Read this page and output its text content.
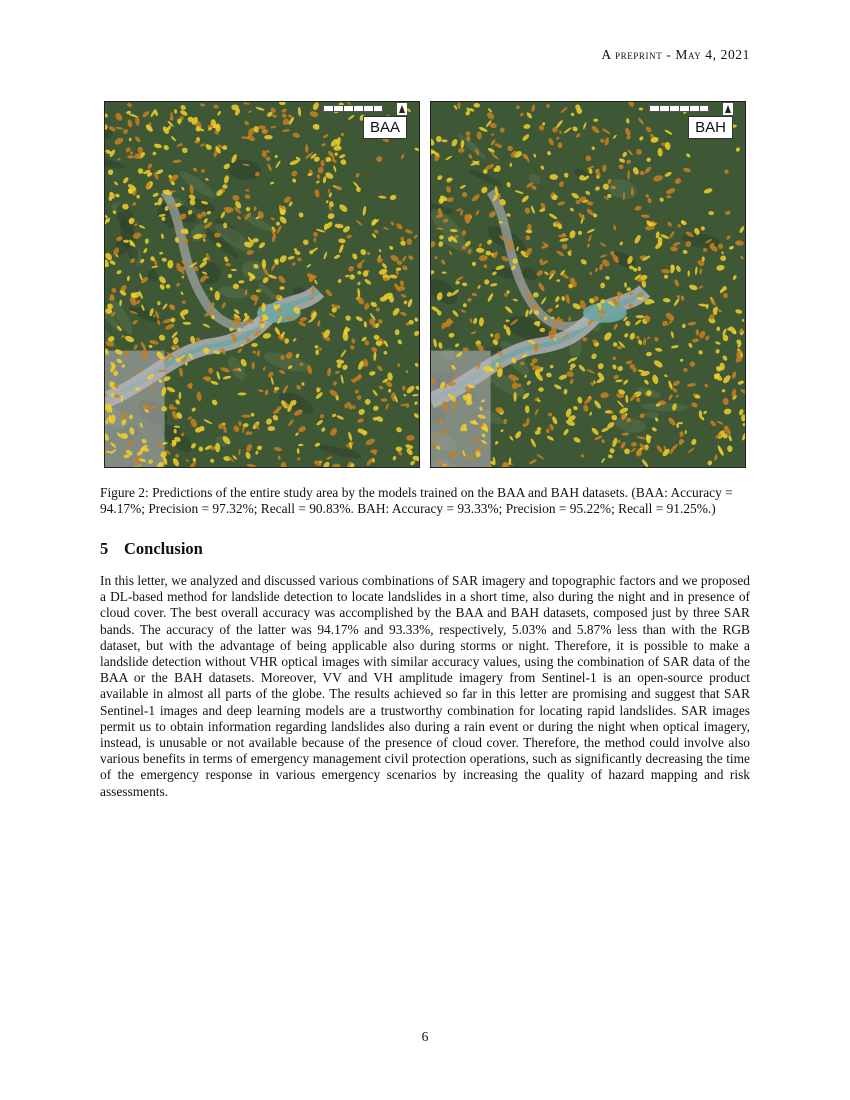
A preprint - May 4, 2021
BAA	BAH
Figure 2: Predictions of the entire study area by the models trained on the BAA and BAH datasets. (BAA: Accuracy = 94.17%; Precision = 97.32%; Recall = 90.83%. BAH: Accuracy = 93.33%; Precision = 95.22%; Recall = 91.25%.)
5 Conclusion

In this letter, we analyzed and discussed various combinations of SAR imagery and topographic factors and we proposed a DL-based method for landslide detection to locate landslides in a short time, also during the night and in presence of cloud cover. The best overall accuracy was accomplished by the BAA and BAH datasets, composed just by three SAR bands. The accuracy of the latter was 94.17% and 93.33%, respectively, 5.03% and 5.87% less than with the RGB dataset, but with the advantage of being applicable also during storms or night. Therefore, it is possible to make a landslide detection without VHR optical images with similar accuracy values, using the combination of SAR data of the BAA or the BAH datasets. Moreover, VV and VH amplitude imagery from Sentinel-1 is an open-source product available in almost all parts of the globe. The results achieved so far in this letter are promising and suggest that SAR Sentinel-1 images and deep learning models are a trustworthy combination for locating rapid landslides. SAR images permit us to obtain information regarding landslides also during a rain event or during the night when optical imagery, instead, is unusable or not available because of the presence of cloud cover. Therefore, the method could involve also various benefits in terms of emergency management civil protection operations, such as significantly decreasing the time of the emergency response in various emergency scenarios by increasing the quality of hazard mapping and risk assessments.

6
